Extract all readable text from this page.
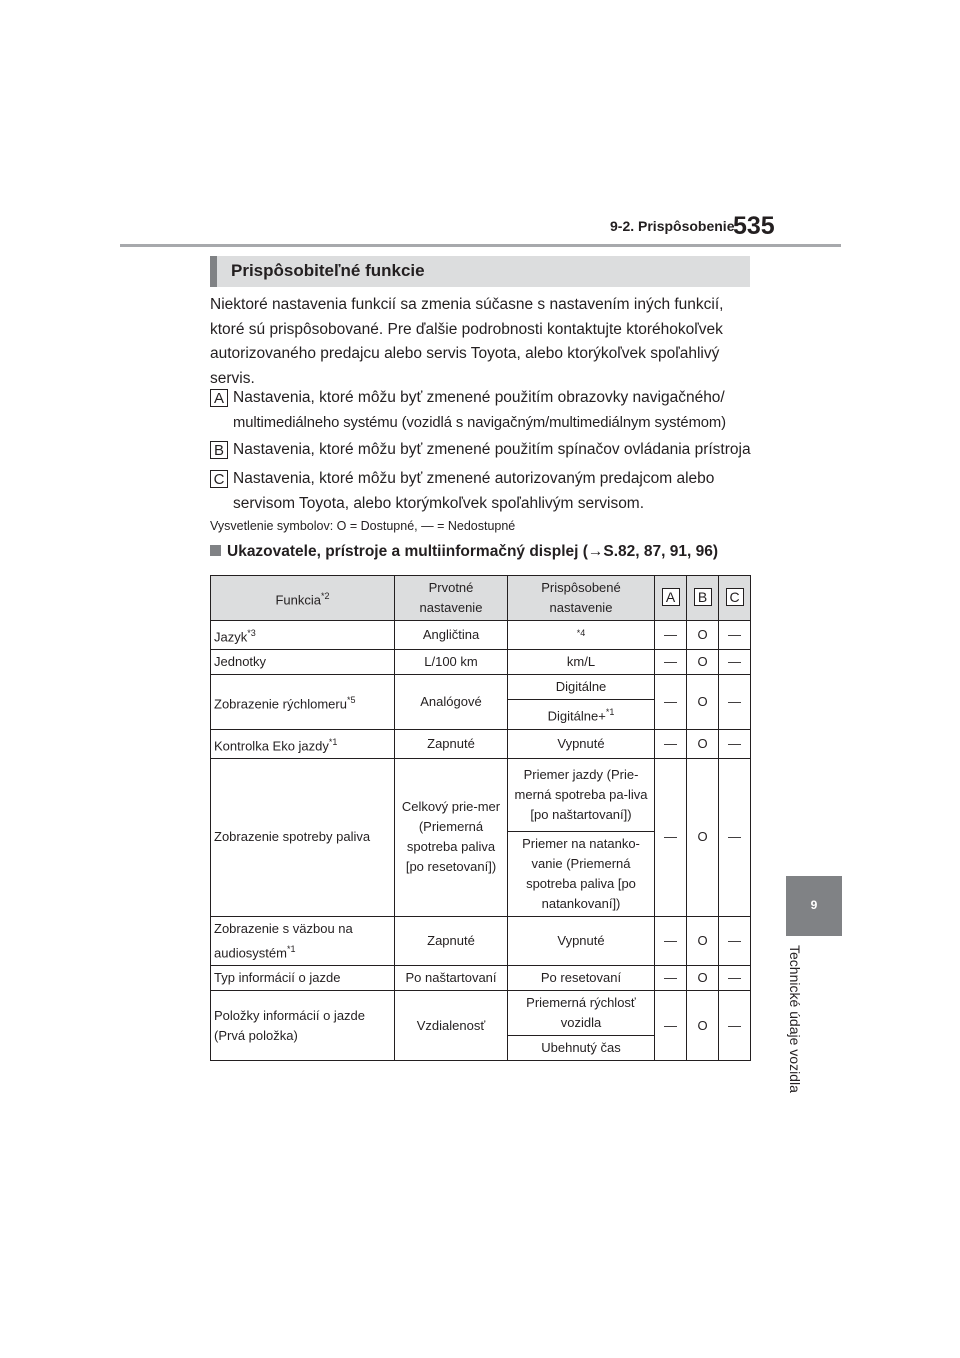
9-2. Prispôsobenie
535
9
Technické údaje vozidla
Prispôsobiteľné funkcie
Niektoré nastavenia funkcií sa zmenia súčasne s nastavením iných funkcií, ktoré sú prispôsobované. Pre ďalšie podrobnosti kontaktujte ktoréhokoľvek autorizovaného predajcu alebo servis Toyota, alebo ktorýkoľvek spoľahlivý servis.
A Nastavenia, ktoré môžu byť zmenené použitím obrazovky navigačného/
multimediálneho systému (vozidlá s navigačným/multimediálnym systémom)
B Nastavenia, ktoré môžu byť zmenené použitím spínačov ovládania prístroja
C Nastavenia, ktoré môžu byť zmenené autorizovaným predajcom alebo
servisom Toyota, alebo ktorýmkoľvek spoľahlivým servisom.
Vysvetlenie symbolov: O = Dostupné, — = Nedostupné
Ukazovatele, prístroje a multiinformačný displej (→S.82, 87, 91, 96)
Funkcia$^{*2}$	Prvotné nastavenie	Prispôsobené nastavenie	A	B	C
Jazyk$^{*3}$	Angličtina	$^{*4}$	—	O	—
Jednotky	L/100 km	km/L	—	O	—
Zobrazenie rýchlomeru$^{*5}$	Analógové	Digitálne	—	O	—
		Digitálne+$^{*1}$
Kontrolka Eko jazdy$^{*1}$	Zapnuté	Vypnuté	—	O	—
Zobrazenie spotreby paliva	Celkový prie-mer (Priemerná spotreba paliva [po resetovaní])	Priemer jazdy (Prie-merná spotreba pa-liva [po naštartovaní])	—	O	—
		Priemer na natanko-vanie (Priemerná spotreba paliva [po natankovaní])			
Zobrazenie s väzbou na audiosystém$^{*1}$	Zapnuté	Vypnuté	—	O	—
Typ informácií o jazde	Po naštartovaní	Po resetovaní	—	O	—
Položky informácií o jazde (Prvá položka)	Vzdialenosť	Priemerná rýchlosť vozidla	—	O	—
		Ubehnutý čas			
